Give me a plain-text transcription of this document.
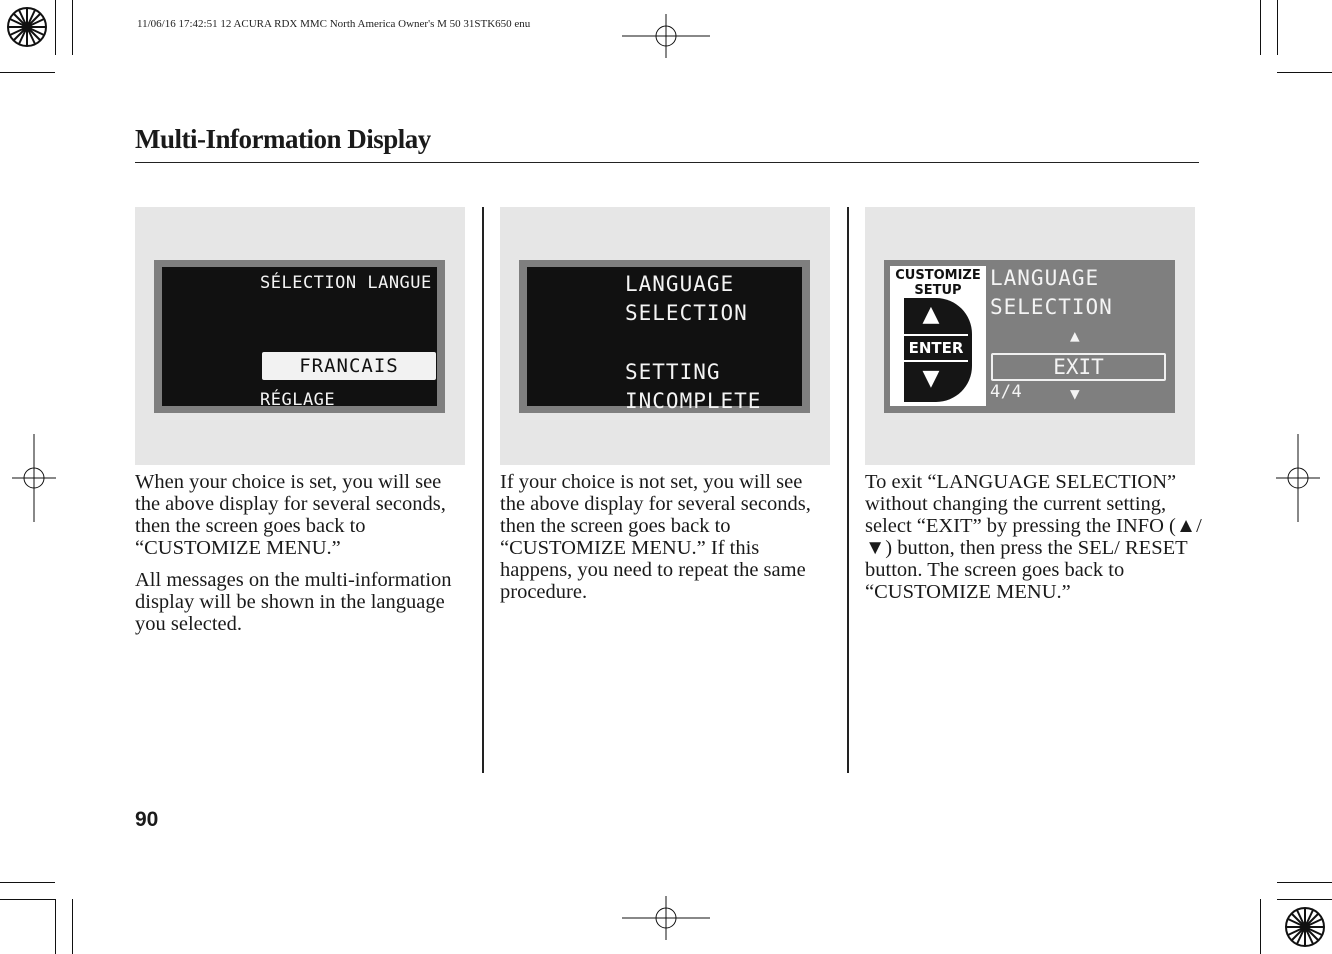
11/06/16 17:42:51 12 ACURA RDX MMC North America Owner's M 50 31STK650 enu
Multi-Information Display
SÉLECTION LANGUE
FRANCAIS
RÉGLAGE
LANGUAGE
SELECTION
SETTING
INCOMPLETE
CUSTOMIZE
SETUP
▲
ENTER
▼
LANGUAGE
SELECTION
▲
EXIT
4/4	▼

When your choice is set, you will see the above display for several seconds, then the screen goes back to “CUSTOMIZE MENU.”

All messages on the multi-information display will be shown in the language you selected.

If your choice is not set, you will see the above display for several seconds, then the screen goes back to “CUSTOMIZE MENU.” If this happens, you need to repeat the same procedure.

To exit “LANGUAGE SELECTION” without changing the current setting, select “EXIT” by pressing the INFO (▲/▼) button, then press the SEL/ RESET button. The screen goes back to “CUSTOMIZE MENU.”

90
